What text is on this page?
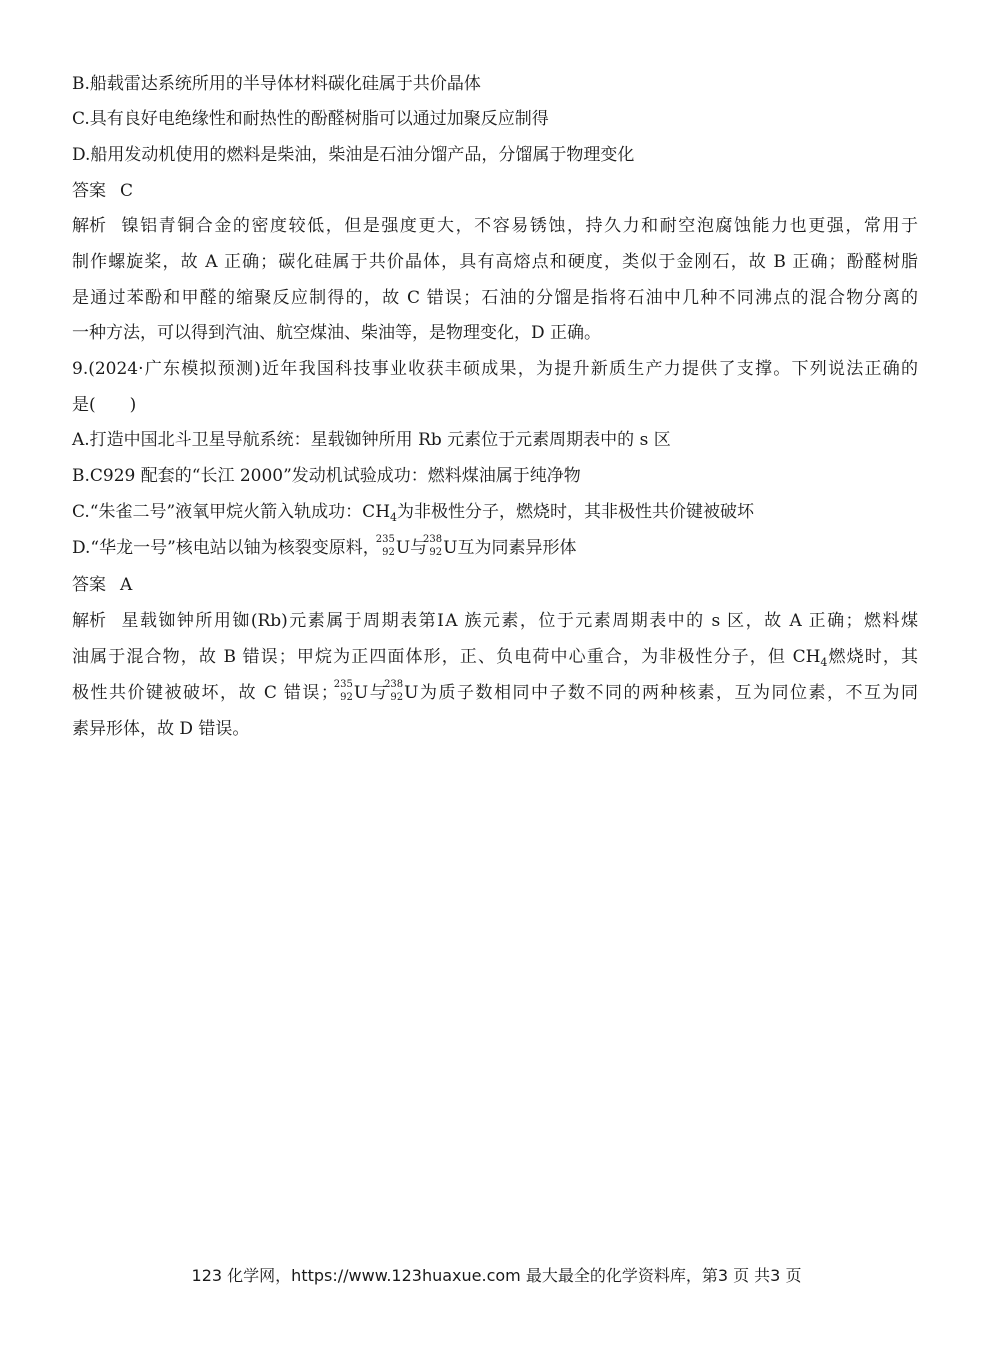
B.船载雷达系统所用的半导体材料碳化硅属于共价晶体
C.具有良好电绝缘性和耐热性的酚醛树脂可以通过加聚反应制得
D.船用发动机使用的燃料是柴油，柴油是石油分馏产品，分馏属于物理变化
答案 C
解析 镍铝青铜合金的密度较低，但是强度更大，不容易锈蚀，持久力和耐空泡腐蚀能力也更强，常用于
制作螺旋桨，故 A 正确；碳化硅属于共价晶体，具有高熔点和硬度，类似于金刚石，故 B 正确；酚醛树脂
是通过苯酚和甲醛的缩聚反应制得的，故 C 错误；石油的分馏是指将石油中几种不同沸点的混合物分离的
一种方法，可以得到汽油、航空煤油、柴油等，是物理变化，D 正确。
9.(2024·广东模拟预测)近年我国科技事业收获丰硕成果，为提升新质生产力提供了支撑。下列说法正确的
是(　　)
A.打造中国北斗卫星导航系统：星载铷钟所用 Rb 元素位于元素周期表中的 s 区
B.C929 配套的“长江 2000”发动机试验成功：燃料煤油属于纯净物
C.“朱雀二号”液氧甲烷火箭入轨成功：$CH_4$为非极性分子，燃烧时，其非极性共价键被破坏
D.“华龙一号”核电站以铀为核裂变原料，
235
92 U与
238
92 U互为同素异形体
答案 A
解析 星载铷钟所用铷(Rb)元素属于周期表第ⅠA 族元素，位于元素周期表中的 s 区，故 A 正确；燃料煤
油属于混合物，故 B 错误；甲烷为正四面体形，正、负电荷中心重合，为非极性分子，但 $CH_4$燃烧时，其
极性共价键被破坏，故 C 错误；
235
92 U与
238
92 U为质子数相同中子数不同的两种核素，互为同位素，不互为同
素异形体，故 D 错误。
123 化学网，https://www.123huaxue.com 最大最全的化学资料库，第3 页 共3 页
